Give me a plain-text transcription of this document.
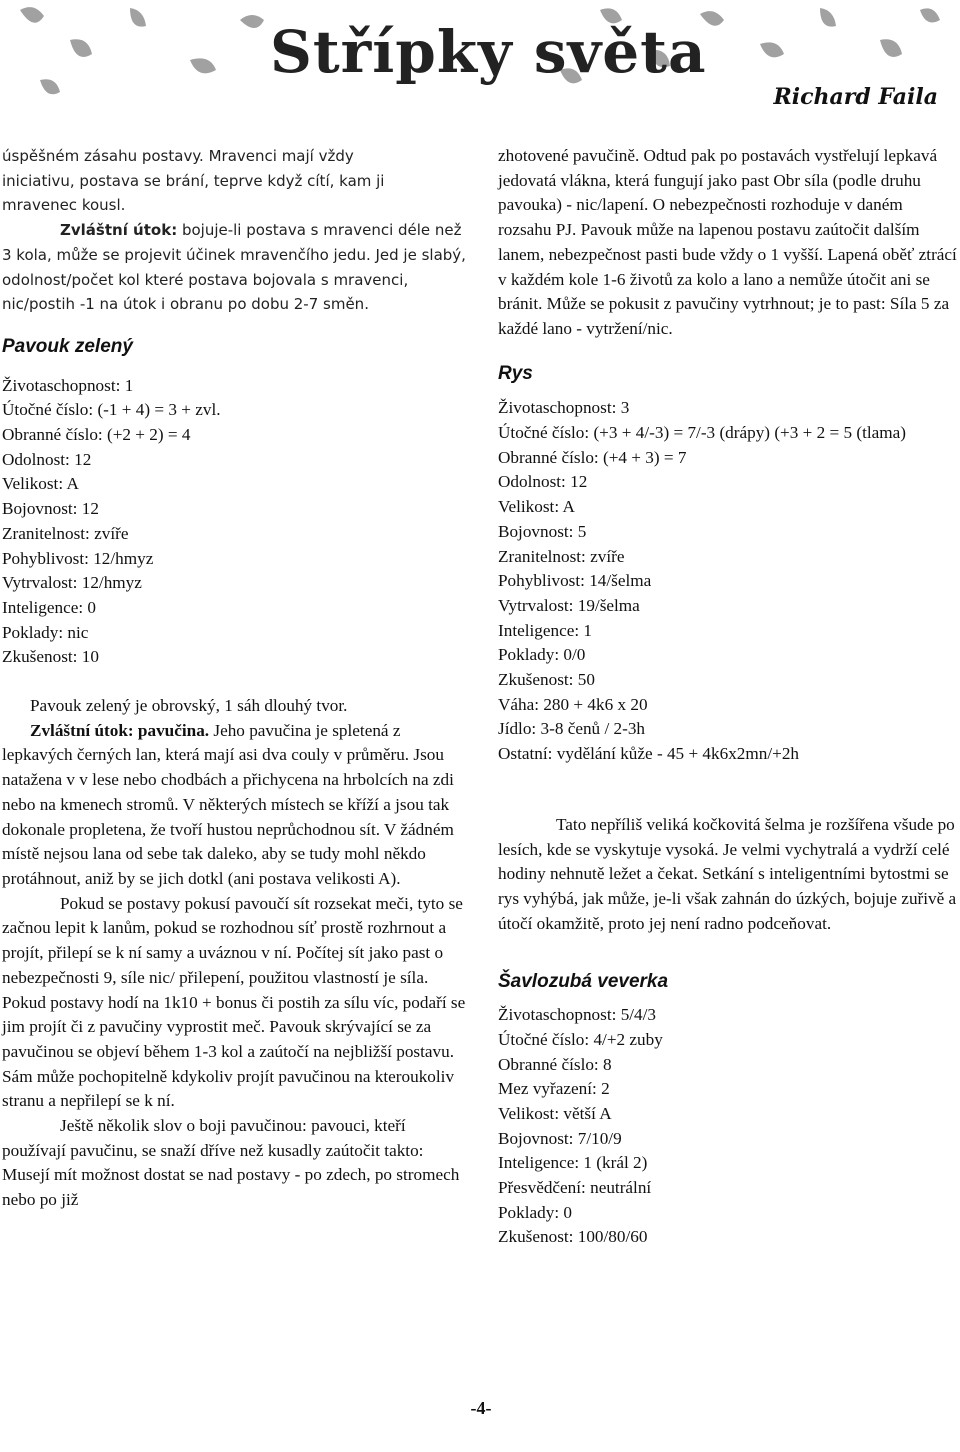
Střípky světa
Richard Faila

úspěšném zásahu postavy. Mravenci mají vždy

iniciativu, postava se brání, teprve když cítí, kam ji

mravenec kousl.

Zvláštní útok: bojuje-li postava s mravenci déle než 3 kola, může se projevit účinek mravenčího jedu. Jed je slabý, odolnost/počet kol které postava bojovala s mravenci, nic/postih -1 na útok i obranu po dobu 2-7 směn.

Pavouk zelený

Životaschopnost: 1

Útočné číslo: (-1 + 4) = 3 + zvl.

Obranné číslo: (+2 + 2) = 4

Odolnost: 12

Velikost: A

Bojovnost: 12

Zranitelnost: zvíře

Pohyblivost: 12/hmyz

Vytrvalost: 12/hmyz

Inteligence: 0

Poklady: nic

Zkušenost: 10

Pavouk zelený je obrovský, 1 sáh dlouhý tvor.

Zvláštní útok: pavučina. Jeho pavučina je spletená z lepkavých černých lan, která mají asi dva couly v průměru. Jsou natažena v v lese nebo chodbách a přichycena na hrbolcích na zdi nebo na kmenech stromů. V některých místech se kříží a jsou tak dokonale propletena, že tvoří hustou neprůchodnou sít. V žádném místě nejsou lana od sebe tak daleko, aby se tudy mohl někdo protáhnout, aniž by se jich dotkl (ani postava velikosti A).

Pokud se postavy pokusí pavoučí sít rozsekat meči, tyto se začnou lepit k lanům, pokud se rozhodnou síť prostě rozhrnout a projít, přilepí se k ní samy a uváznou v ní. Počítej sít jako past o nebezpečnosti 9, síle nic/ přilepení, použitou vlastností je síla. Pokud postavy hodí na 1k10 + bonus či postih za sílu víc, podaří se jim projít či z pavučiny vyprostit meč. Pavouk skrývající se za pavučinou se objeví během 1-3 kol a zaútočí na nejbližší postavu. Sám může pochopitelně kdykoliv projít pavučinou na kteroukoliv stranu a nepřilepí se k ní.

Ještě několik slov o boji pavučinou: pavouci, kteří používají pavučinu, se snaží dříve než kusadly zaútočit takto: Musejí mít možnost dostat se nad postavy - po zdech, po stromech nebo po již

zhotovené pavučině. Odtud pak po postavách vystřelují lepkavá jedovatá vlákna, která fungují jako past Obr síla (podle druhu pavouka) - nic/lapení. O nebezpečnosti rozhoduje v daném rozsahu PJ. Pavouk může na lapenou postavu zaútočit dalším lanem, nebezpečnost pasti bude vždy o 1 vyšší. Lapená oběť ztrácí v každém kole 1-6 životů za kolo a lano a nemůže útočit ani se bránit. Může se pokusit z pavučiny vytrhnout; je to past: Síla 5 za každé lano - vytržení/nic.

Rys

Životaschopnost: 3

Útočné číslo: (+3 + 4/-3) = 7/-3 (drápy) (+3 + 2 = 5 (tlama)

Obranné číslo: (+4 + 3) = 7

Odolnost: 12

Velikost: A

Bojovnost: 5

Zranitelnost: zvíře

Pohyblivost: 14/šelma

Vytrvalost: 19/šelma

Inteligence: 1

Poklady: 0/0

Zkušenost: 50

Váha: 280 + 4k6 x 20

Jídlo: 3-8 čenů / 2-3h

Ostatní: vydělání kůže - 45 + 4k6x2mn/+2h

Tato nepříliš veliká kočkovitá šelma je rozšířena všude po lesích, kde se vyskytuje vysoká. Je velmi vychytralá a vydrží celé hodiny nehnutě ležet a čekat. Setkání s inteligentními bytostmi se rys vyhýbá, jak může, je-li však zahnán do úzkých, bojuje zuřivě a útočí okamžitě, proto jej není radno podceňovat.

Šavlozubá veverka

Životaschopnost: 5/4/3

Útočné číslo: 4/+2 zuby

Obranné číslo: 8

Mez vyřazení: 2

Velikost: větší A

Bojovnost: 7/10/9

Inteligence: 1 (král 2)

Přesvědčení: neutrální

Poklady: 0

Zkušenost: 100/80/60

-4-
